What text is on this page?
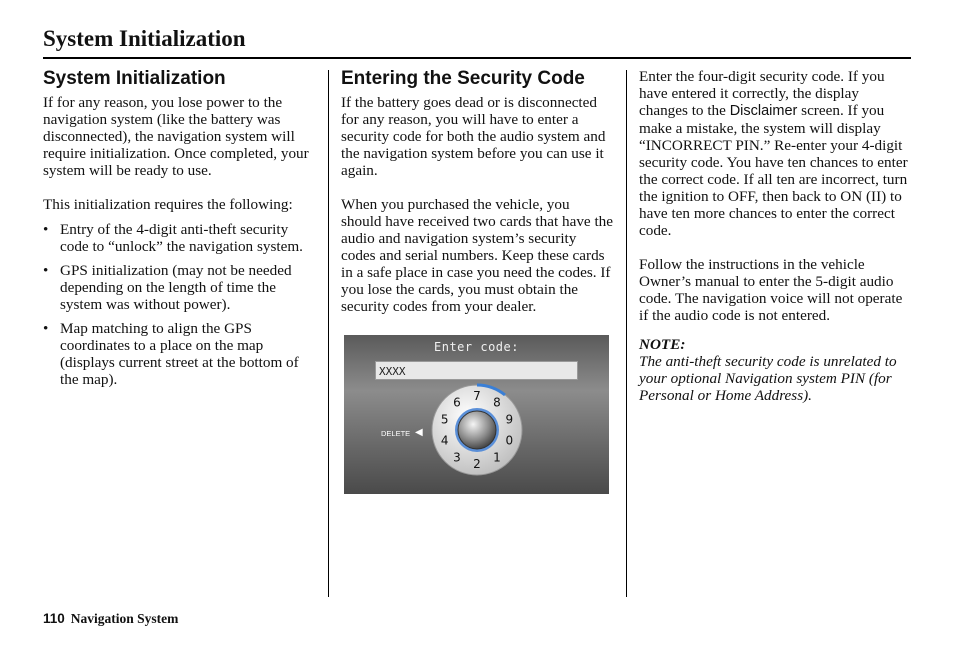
System Initialization
System Initialization

If for any reason, you lose power to the navigation system (like the battery was disconnected), the navigation system will require initialization. Once completed, your system will be ready to use.

This initialization requires the following:

• Entry of the 4-digit anti-theft security code to “unlock” the navigation system.
• GPS initialization (may not be needed depending on the length of time the system was without power).
• Map matching to align the GPS coordinates to a place on the map (displays current street at the bottom of the map).
Entering the Security Code

If the battery goes dead or is disconnected for any reason, you will have to enter a security code for both the audio system and the navigation system before you can use it again.

When you purchased the vehicle, you should have received two cards that have the audio and navigation system’s security codes and serial numbers. Keep these cards in a safe place in case you need the codes. If you lose the cards, you must obtain the security codes from your dealer.

Enter code:
XXXX
DELETE ◀
5
6 7 8
9
0
1
2
3
4

Enter the four-digit security code. If you have entered it correctly, the display changes to the Disclaimer screen. If you make a mistake, the system will display “INCORRECT PIN.” Re-enter your 4-digit security code. You have ten chances to enter the correct code. If all ten are incorrect, turn the ignition to OFF, then back to ON (II) to have ten more chances to enter the correct code.

Follow the instructions in the vehicle Owner’s manual to enter the 5-digit audio code. The navigation voice will not operate if the audio code is not entered.

NOTE:

The anti-theft security code is unrelated to your optional Navigation system PIN (for Personal or Home Address).

110 Navigation System
